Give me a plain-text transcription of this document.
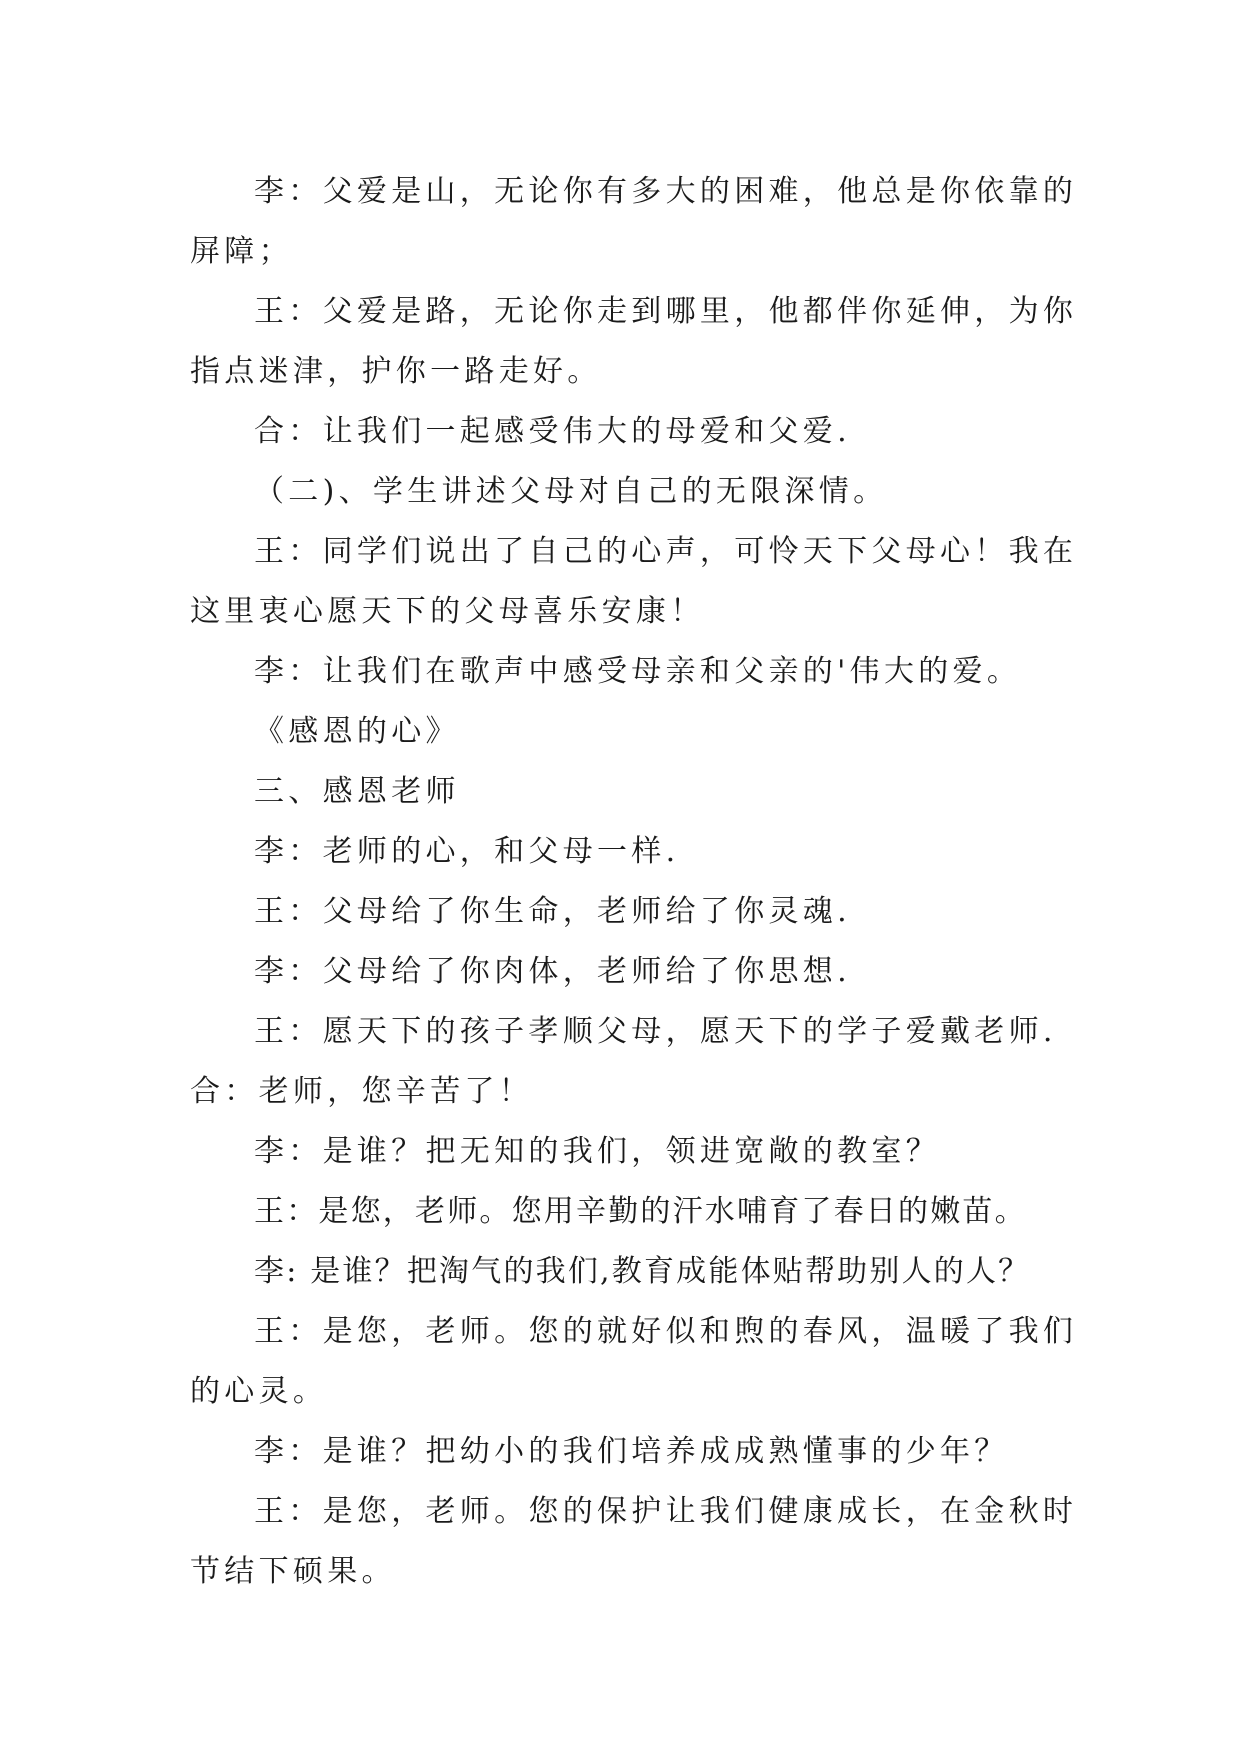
李：父爱是山，无论你有多大的困难，他总是你依靠的
屏障；
王：父爱是路，无论你走到哪里，他都伴你延伸，为你
指点迷津，护你一路走好。
合：让我们一起感受伟大的母爱和父爱.
（二)、学生讲述父母对自己的无限深情。
王：同学们说出了自己的心声，可怜天下父母心！我在
这里衷心愿天下的父母喜乐安康！
李：让我们在歌声中感受母亲和父亲的'伟大的爱。
《感恩的心》
三、感恩老师
李：老师的心，和父母一样.
王：父母给了你生命，老师给了你灵魂.
李：父母给了你肉体，老师给了你思想.
王：愿天下的孩子孝顺父母，愿天下的学子爱戴老师.
合：老师，您辛苦了！
李：是谁？把无知的我们，领进宽敞的教室？
王：是您，老师。您用辛勤的汗水哺育了春日的嫩苗。
李: 是谁？把淘气的我们,教育成能体贴帮助别人的人？
王：是您，老师。您的就好似和煦的春风，温暖了我们
的心灵。
李：是谁？把幼小的我们培养成成熟懂事的少年？
王：是您，老师。您的保护让我们健康成长，在金秋时
节结下硕果。
